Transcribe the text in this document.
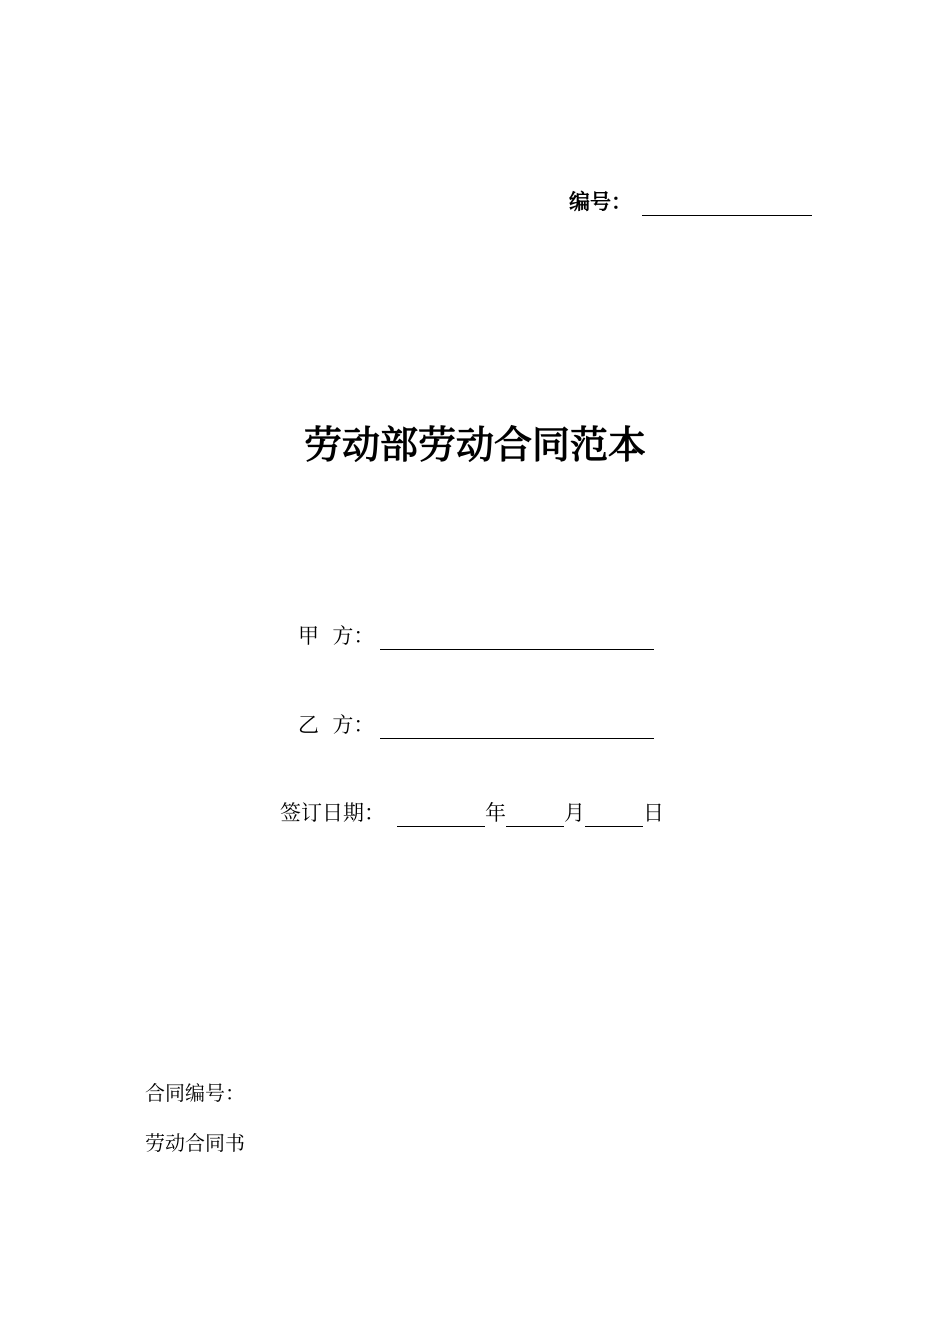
编号：
劳动部劳动合同范本
甲  方：
乙  方：
签订日期：	年	月	日
合同编号：
劳动合同书
